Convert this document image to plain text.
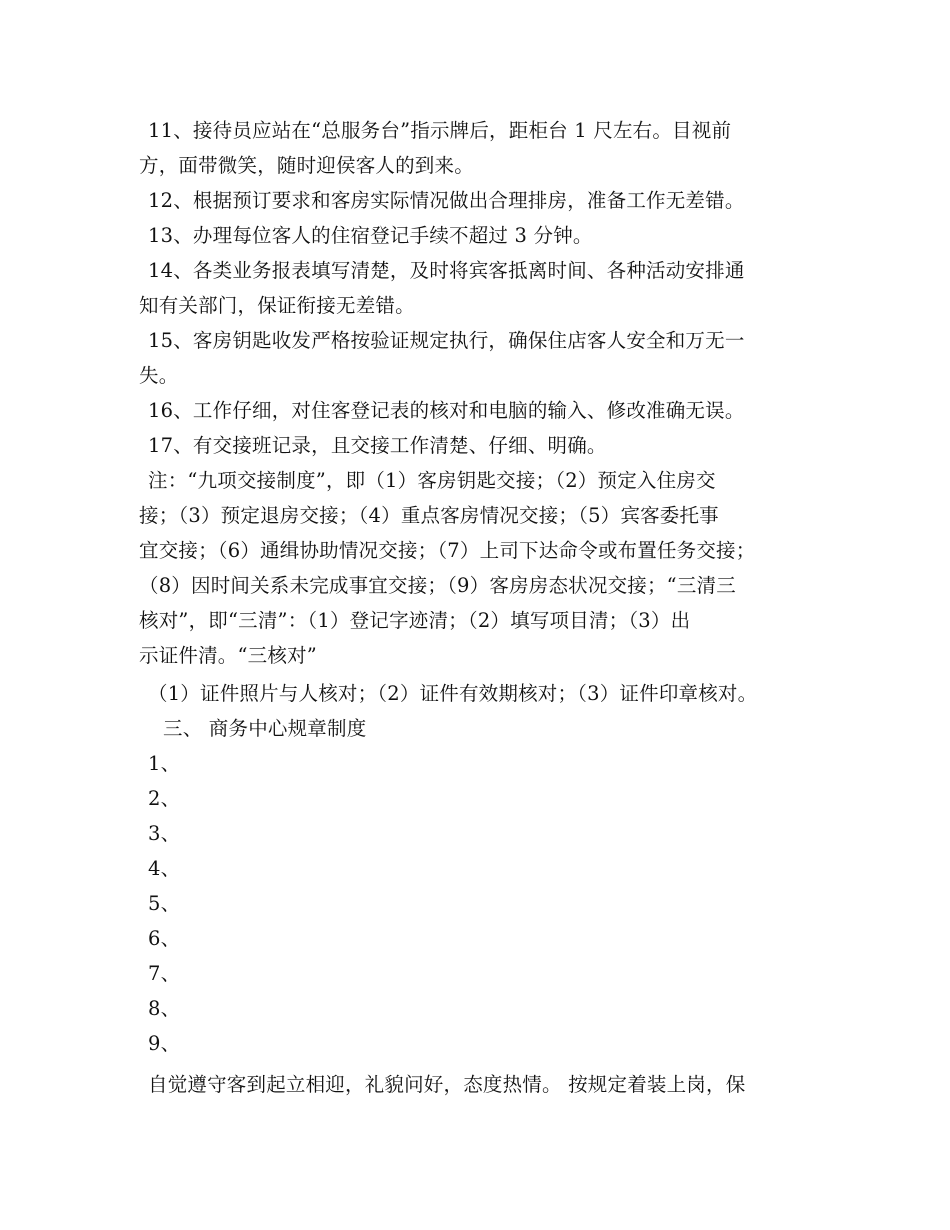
11、接待员应站在“总服务台”指示牌后，距柜台 1 尺左右。目视前
方，面带微笑，随时迎侯客人的到来。
12、根据预订要求和客房实际情况做出合理排房，准备工作无差错。
13、办理每位客人的住宿登记手续不超过 3 分钟。
14、各类业务报表填写清楚，及时将宾客抵离时间、各种活动安排通
知有关部门，保证衔接无差错。
15、客房钥匙收发严格按验证规定执行，确保住店客人安全和万无一
失。
16、工作仔细，对住客登记表的核对和电脑的输入、修改准确无误。
17、有交接班记录，且交接工作清楚、仔细、明确。
注：“九项交接制度”，即（1）客房钥匙交接；（2）预定入住房交
接；（3）预定退房交接；（4）重点客房情况交接；（5）宾客委托事
宜交接；（6）通缉协助情况交接；（7）上司下达命令或布置任务交接；
（8）因时间关系未完成事宜交接；（9）客房房态状况交接；“三清三
核对”，即“三清”：（1）登记字迹清；（2）填写项目清；（3）出
示证件清。“三核对”
（1）证件照片与人核对；（2）证件有效期核对；（3）证件印章核对。
三、 商务中心规章制度
1、
2、
3、
4、
5、
6、
7、
8、
9、
自觉遵守客到起立相迎，礼貌问好，态度热情。 按规定着装上岗，保
